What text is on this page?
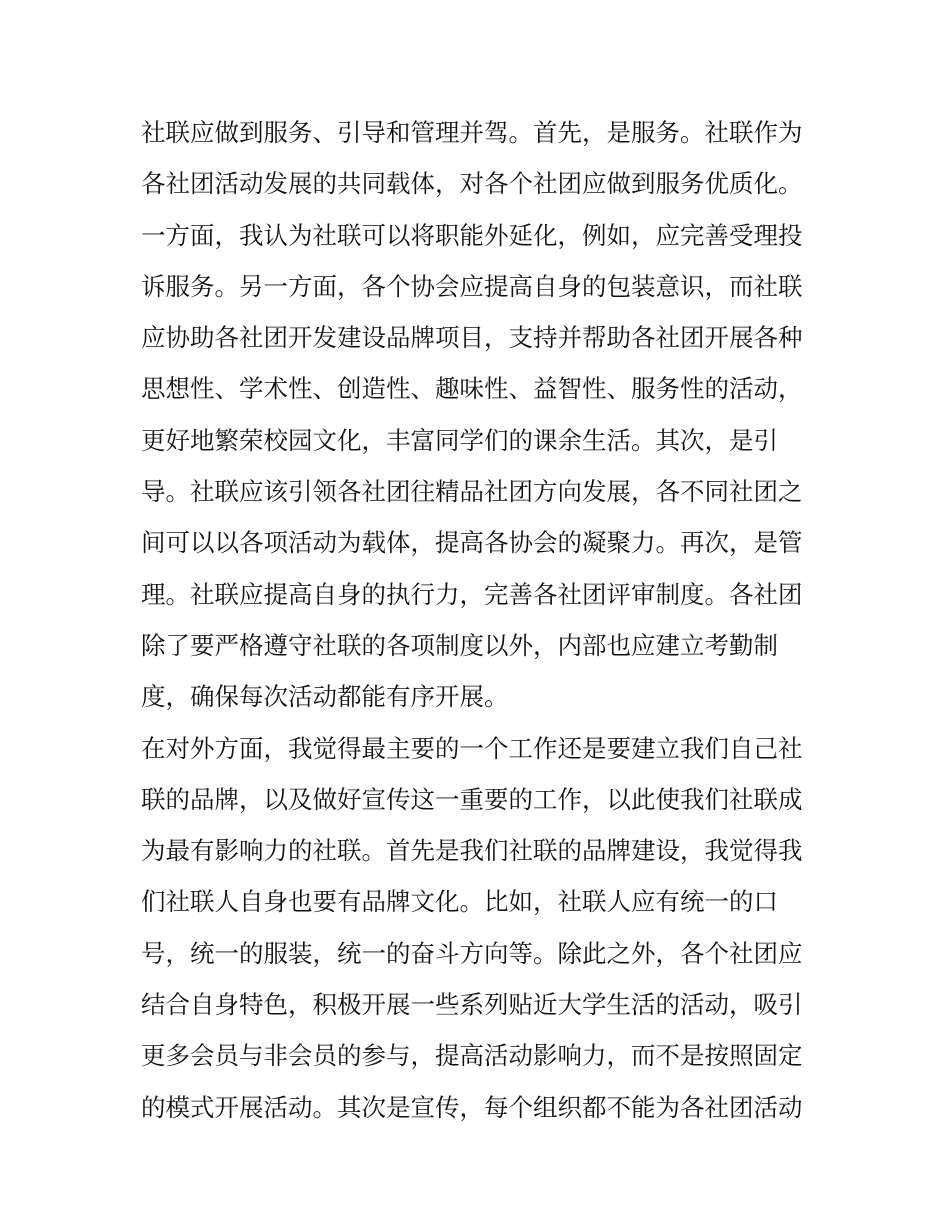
社联应做到服务、引导和管理并驾。首先，是服务。社联作为
各社团活动发展的共同载体，对各个社团应做到服务优质化。
一方面，我认为社联可以将职能外延化，例如，应完善受理投
诉服务。另一方面，各个协会应提高自身的包装意识，而社联
应协助各社团开发建设品牌项目，支持并帮助各社团开展各种
思想性、学术性、创造性、趣味性、益智性、服务性的活动，
更好地繁荣校园文化，丰富同学们的课余生活。其次，是引
导。社联应该引领各社团往精品社团方向发展，各不同社团之
间可以以各项活动为载体，提高各协会的凝聚力。再次，是管
理。社联应提高自身的执行力，完善各社团评审制度。各社团
除了要严格遵守社联的各项制度以外，内部也应建立考勤制
度，确保每次活动都能有序开展。
在对外方面，我觉得最主要的一个工作还是要建立我们自己社
联的品牌，以及做好宣传这一重要的工作，以此使我们社联成
为最有影响力的社联。首先是我们社联的品牌建设，我觉得我
们社联人自身也要有品牌文化。比如，社联人应有统一的口
号，统一的服装，统一的奋斗方向等。除此之外，各个社团应
结合自身特色，积极开展一些系列贴近大学生活的活动，吸引
更多会员与非会员的参与，提高活动影响力，而不是按照固定
的模式开展活动。其次是宣传，每个组织都不能为各社团活动
